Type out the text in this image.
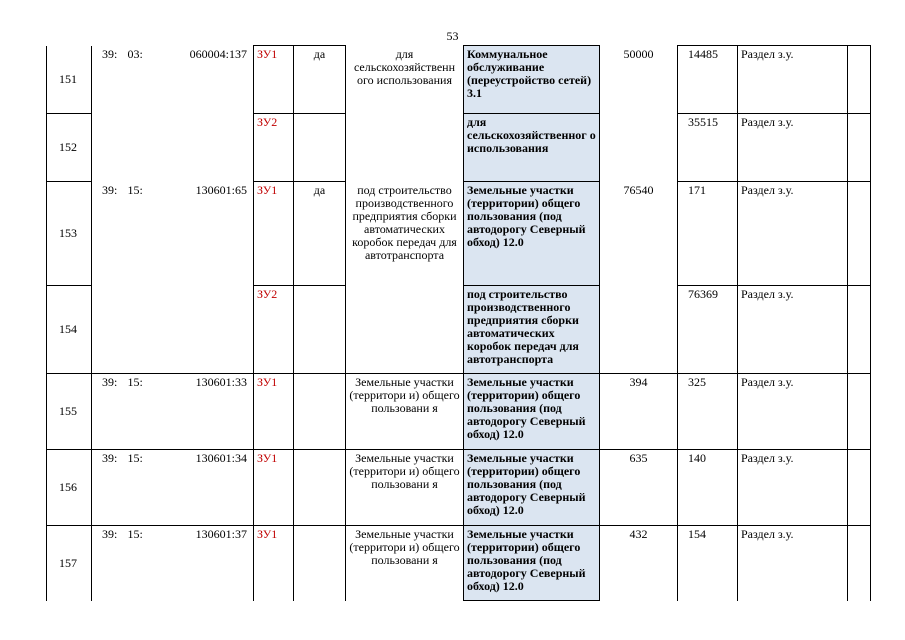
53
151	39:	03:	060004:137	ЗУ1	да	для сельскохозяйственн ого использования	Коммунальное обслуживание (переустройство сетей) 3.1	50000	14485	Раздел з.у.	
152				ЗУ2			для сельскохозяйственног о использования		35515	Раздел з.у.	
153	39:	15:	130601:65	ЗУ1	да	под строительство производственного предприятия сборки автоматических коробок передач для автотранспорта	Земельные участки (территории) общего пользования (под автодорогу Северный обход) 12.0	76540	171	Раздел з.у.	
154				ЗУ2			под строительство производственного предприятия сборки автоматических коробок передач для автотранспорта		76369	Раздел з.у.	
155	39:	15:	130601:33	ЗУ1		Земельные участки (территори и) общего пользовани я	Земельные участки (территории) общего пользования (под автодорогу Северный обход) 12.0	394	325	Раздел з.у.	
156	39:	15:	130601:34	ЗУ1		Земельные участки (территори и) общего пользовани я	Земельные участки (территории) общего пользования (под автодорогу Северный обход) 12.0	635	140	Раздел з.у.	
157	39:	15:	130601:37	ЗУ1		Земельные участки (территори и) общего пользовани я	Земельные участки (территории) общего пользования (под автодорогу Северный обход) 12.0	432	154	Раздел з.у.	
